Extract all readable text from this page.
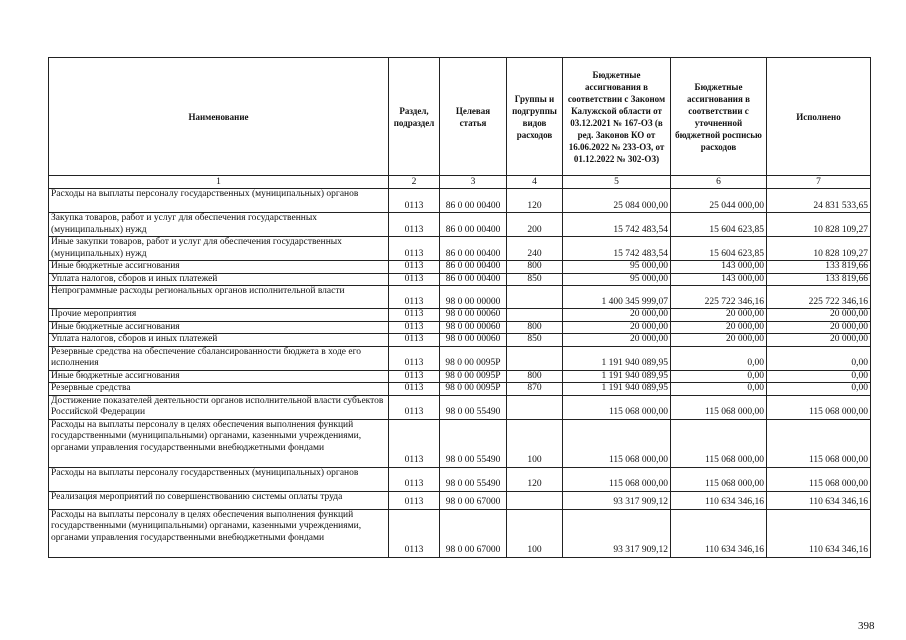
Наименование	Раздел, подраздел	Целевая статья	Группы и подгруппы видов расходов	Бюджетные ассигнования в соответствии с Законом Калужской области от 03.12.2021 № 167-ОЗ (в ред. Законов КО от 16.06.2022 № 233-ОЗ, от 01.12.2022 № 302-ОЗ)	Бюджетные ассигнования в соответствии с уточненной бюджетной росписью расходов	Исполнено
1	2	3	4	5	6	7
Расходы на выплаты персоналу государственных (муниципальных) органов	0113	86 0 00 00400	120	25 084 000,00	25 044 000,00	24 831 533,65
Закупка товаров, работ и услуг для обеспечения государственных (муниципальных) нужд	0113	86 0 00 00400	200	15 742 483,54	15 604 623,85	10 828 109,27
Иные закупки товаров, работ и услуг для обеспечения государственных (муниципальных) нужд	0113	86 0 00 00400	240	15 742 483,54	15 604 623,85	10 828 109,27
Иные бюджетные ассигнования	0113	86 0 00 00400	800	95 000,00	143 000,00	133 819,66
Уплата налогов, сборов и иных платежей	0113	86 0 00 00400	850	95 000,00	143 000,00	133 819,66
Непрограммные расходы региональных органов исполнительной власти	0113	98 0 00 00000		1 400 345 999,07	225 722 346,16	225 722 346,16
Прочие мероприятия	0113	98 0 00 00060		20 000,00	20 000,00	20 000,00
Иные бюджетные ассигнования	0113	98 0 00 00060	800	20 000,00	20 000,00	20 000,00
Уплата налогов, сборов и иных платежей	0113	98 0 00 00060	850	20 000,00	20 000,00	20 000,00
Резервные средства на обеспечение сбалансированности бюджета в ходе его исполнения	0113	98 0 00 0095Р		1 191 940 089,95	0,00	0,00
Иные бюджетные ассигнования	0113	98 0 00 0095Р	800	1 191 940 089,95	0,00	0,00
Резервные средства	0113	98 0 00 0095Р	870	1 191 940 089,95	0,00	0,00
Достижение показателей деятельности органов исполнительной власти субъектов Российской Федерации	0113	98 0 00 55490		115 068 000,00	115 068 000,00	115 068 000,00
Расходы на выплаты персоналу в целях обеспечения выполнения функций государственными (муниципальными) органами, казенными учреждениями, органами управления государственными внебюджетными фондами	0113	98 0 00 55490	100	115 068 000,00	115 068 000,00	115 068 000,00
Расходы на выплаты персоналу государственных (муниципальных) органов	0113	98 0 00 55490	120	115 068 000,00	115 068 000,00	115 068 000,00
Реализация мероприятий по совершенствованию системы оплаты труда	0113	98 0 00 67000		93 317 909,12	110 634 346,16	110 634 346,16
Расходы на выплаты персоналу в целях обеспечения выполнения функций государственными (муниципальными) органами, казенными учреждениями, органами управления государственными внебюджетными фондами	0113	98 0 00 67000	100	93 317 909,12	110 634 346,16	110 634 346,16
398
